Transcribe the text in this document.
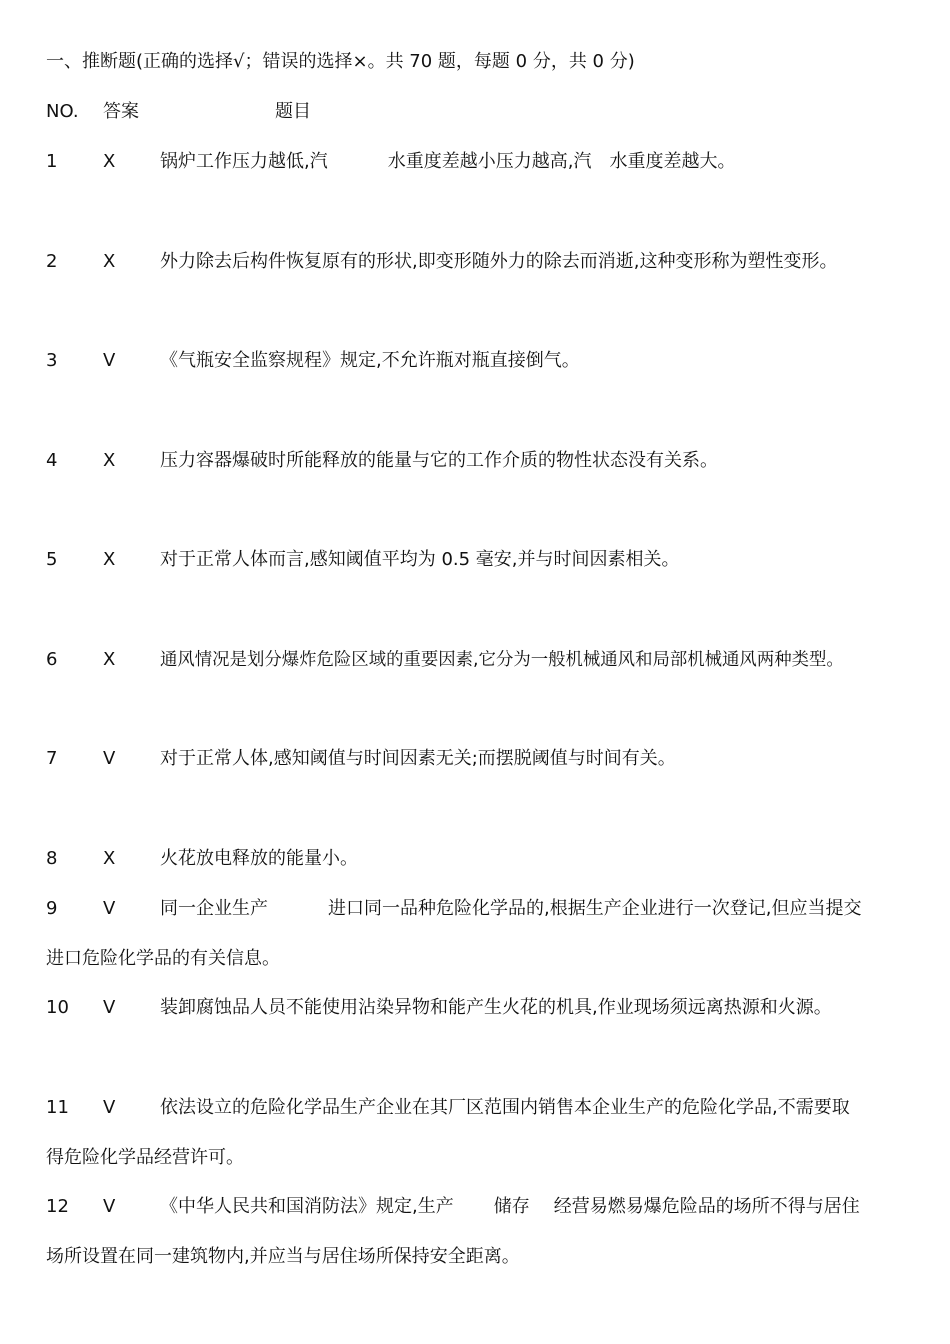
一、推断题(正确的选择√；错误的选择×。共 70 题，每题 0 分，共 0 分)
NO. 答案	题目
1	X 锅炉工作压力越低,汽	水重度差越小压力越高,汽 水重度差越大。
2	X 外力除去后构件恢复原有的形状,即变形随外力的除去而消逝,这种变形称为塑性变形。
3	V 《气瓶安全监察规程》规定,不允许瓶对瓶直接倒气。
4	X 压力容器爆破时所能释放的能量与它的工作介质的物性状态没有关系。
5	X 对于正常人体而言,感知阈值平均为 0.5 毫安,并与时间因素相关。
6	X	通风情况是划分爆炸危险区域的重要因素,它分为一般机械通风和局部机械通风两种类型。
7	V 对于正常人体,感知阈值与时间因素无关;而摆脱阈值与时间有关。
8	X 火花放电释放的能量小。
9	V 同一企业生产	进口同一品种危险化学品的,根据生产企业进行一次登记,但应当提交
进口危险化学品的有关信息。
10 V 装卸腐蚀品人员不能使用沾染异物和能产生火花的机具,作业现场须远离热源和火源。
11 V 依法设立的危险化学品生产企业在其厂区范围内销售本企业生产的危险化学品,不需要取
得危险化学品经营许可。
12 V 《中华人民共和国消防法》规定,生产 储存 经营易燃易爆危险品的场所不得与居住
场所设置在同一建筑物内,并应当与居住场所保持安全距离。
